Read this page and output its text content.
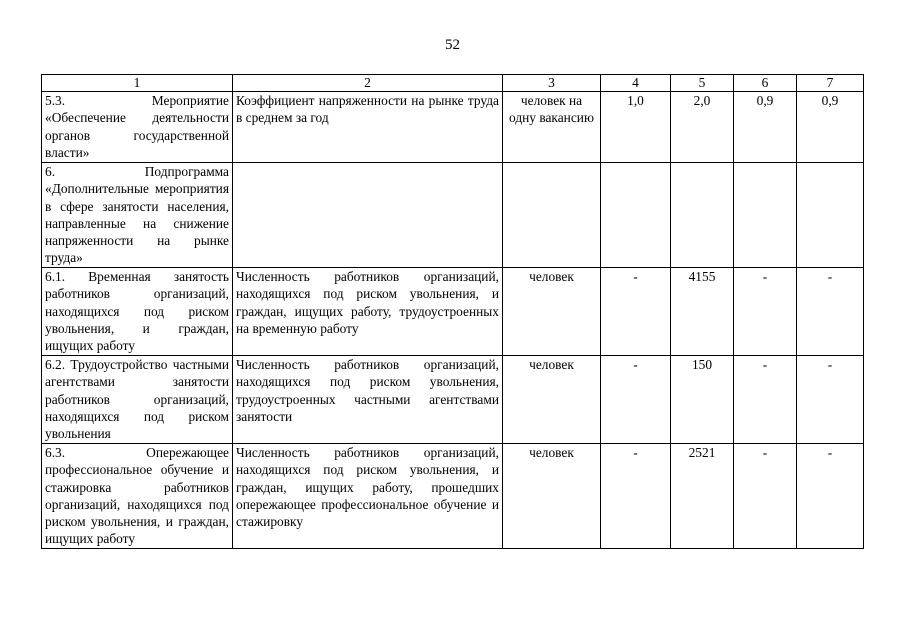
52
1	2	3	4	5	6	7
5.3. Мероприятие «Обеспечение деятельности органов государственной власти»	Коэффициент напряженности на рынке труда в среднем за год	человек на одну вакансию	1,0	2,0	0,9	0,9
6. Подпрограмма «Дополнительные мероприятия в сфере занятости населения, направленные на снижение напряженности на рынке труда»						
6.1. Временная занятость работников организаций, находящихся под риском увольнения, и граждан, ищущих работу	Численность работников организаций, находящихся под риском увольнения, и граждан, ищущих работу, трудоустроенных на временную работу	человек	-	4155	-	-
6.2. Трудоустройство частными агентствами занятости работников организаций, находящихся под риском увольнения	Численность работников организаций, находящихся под риском увольнения, трудоустроенных частными агентствами занятости	человек	-	150	-	-
6.3. Опережающее профессиональное обучение и стажировка работников организаций, находящихся под риском увольнения, и граждан, ищущих работу	Численность работников организаций, находящихся под риском увольнения, и граждан, ищущих работу, прошедших опережающее профессиональное обучение и стажировку	человек	-	2521	-	-
